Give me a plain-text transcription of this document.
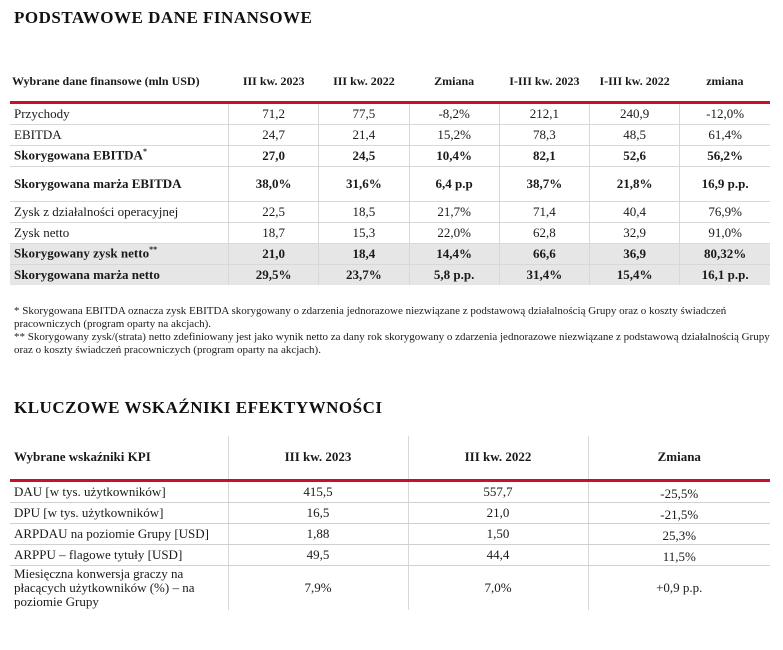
PODSTAWOWE DANE FINANSOWE
Wybrane dane finansowe (mln USD)	III kw. 2023	III kw. 2022	Zmiana	I-III kw. 2023	I-III kw. 2022	zmiana
Przychody	71,2	77,5	-8,2%	212,1	240,9	-12,0%
EBITDA	24,7	21,4	15,2%	78,3	48,5	61,4%
Skorygowana EBITDA*	27,0	24,5	10,4%	82,1	52,6	56,2%
Skorygowana marża EBITDA	38,0%	31,6%	6,4 p.p	38,7%	21,8%	16,9 p.p.
Zysk z działalności operacyjnej	22,5	18,5	21,7%	71,4	40,4	76,9%
Zysk netto	18,7	15,3	22,0%	62,8	32,9	91,0%
Skorygowany zysk netto**	21,0	18,4	14,4%	66,6	36,9	80,32%
Skorygowana marża netto	29,5%	23,7%	5,8 p.p.	31,4%	15,4%	16,1 p.p.
* Skorygowana EBITDA oznacza zysk EBITDA skorygowany o zdarzenia jednorazowe niezwiązane z podstawową działalnością Grupy oraz o koszty świadczeń pracowniczych (program oparty na akcjach).
** Skorygowany zysk/(strata) netto zdefiniowany jest jako wynik netto za dany rok skorygowany o zdarzenia jednorazowe niezwiązane z podstawową działalnością Grupy oraz o koszty świadczeń pracowniczych (program oparty na akcjach).
KLUCZOWE WSKAŹNIKI EFEKTYWNOŚCI
Wybrane wskaźniki KPI	III kw. 2023	III kw. 2022	Zmiana
DAU [w tys. użytkowników]	415,5	557,7	-25,5%
DPU [w tys. użytkowników]	16,5	21,0	-21,5%

ARPDAU na poziomie Grupy [USD]	1,88	1,50	25,3%
ARPPU – flagowe tytuły [USD]	49,5	44,4	11,5%

Miesięczna konwersja graczy na płacących użytkowników (%) – na poziomie Grupy	7,9%	7,0%	+0,9 p.p.
